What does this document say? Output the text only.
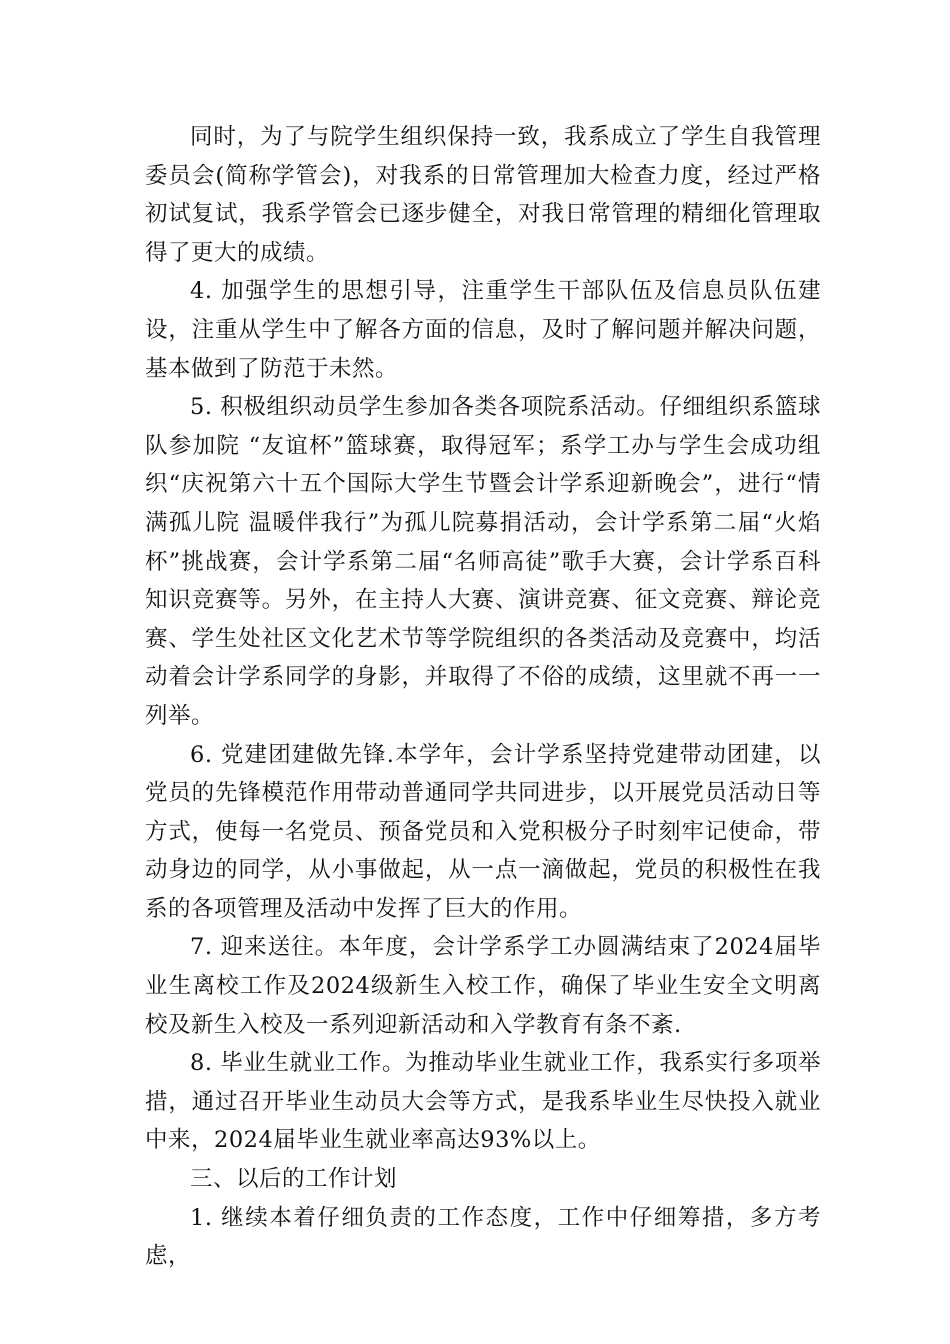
同时，为了与院学生组织保持一致，我系成立了学生自我管理委员会(简称学管会)，对我系的日常管理加大检查力度，经过严格初试复试，我系学管会已逐步健全，对我日常管理的精细化管理取得了更大的成绩。

4. 加强学生的思想引导，注重学生干部队伍及信息员队伍建设，注重从学生中了解各方面的信息，及时了解问题并解决问题，基本做到了防范于未然。

5. 积极组织动员学生参加各类各项院系活动。仔细组织系篮球队参加院 “友谊杯”篮球赛，取得冠军；系学工办与学生会成功组织“庆祝第六十五个国际大学生节暨会计学系迎新晚会”，进行“情满孤儿院 温暖伴我行”为孤儿院募捐活动，会计学系第二届“火焰杯”挑战赛，会计学系第二届“名师高徒”歌手大赛，会计学系百科知识竞赛等。另外，在主持人大赛、演讲竞赛、征文竞赛、辩论竞赛、学生处社区文化艺术节等学院组织的各类活动及竞赛中，均活动着会计学系同学的身影，并取得了不俗的成绩，这里就不再一一列举。

6. 党建团建做先锋.本学年，会计学系坚持党建带动团建，以党员的先锋模范作用带动普通同学共同进步，以开展党员活动日等方式，使每一名党员、预备党员和入党积极分子时刻牢记使命，带动身边的同学，从小事做起，从一点一滴做起，党员的积极性在我系的各项管理及活动中发挥了巨大的作用。

7. 迎来送往。本年度，会计学系学工办圆满结束了2024届毕业生离校工作及2024级新生入校工作，确保了毕业生安全文明离校及新生入校及一系列迎新活动和入学教育有条不紊.

8. 毕业生就业工作。为推动毕业生就业工作，我系实行多项举措，通过召开毕业生动员大会等方式，是我系毕业生尽快投入就业中来，2024届毕业生就业率高达93%以上。

三、以后的工作计划

1. 继续本着仔细负责的工作态度，工作中仔细筹措，多方考虑，
